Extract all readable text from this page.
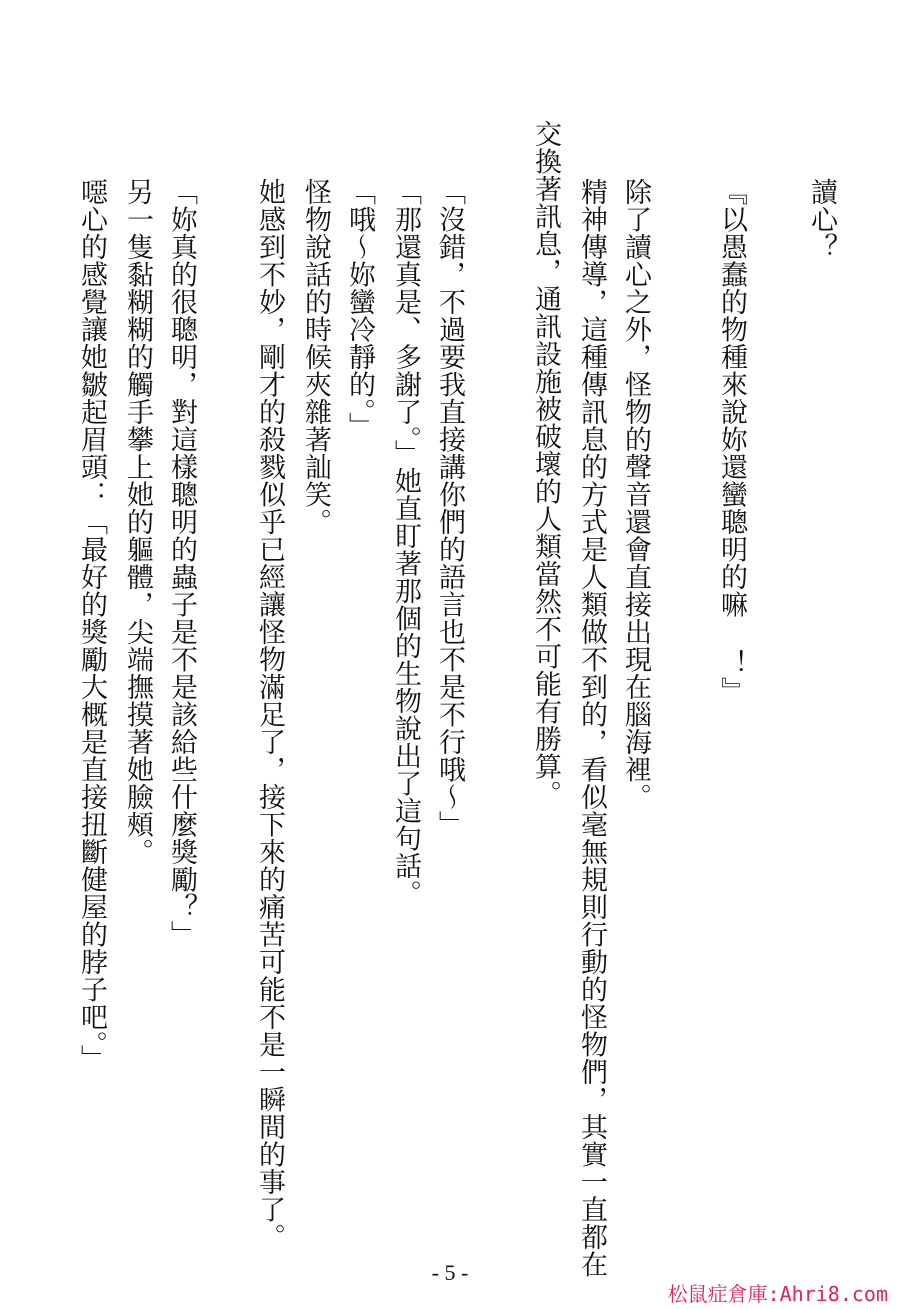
讀心？
『以愚蠢的物種來說妳還蠻聰明的嘛 ！』
除了讀心之外，怪物的聲音還會直接出現在腦海裡。
精神傳導，這種傳訊息的方式是人類做不到的，看似毫無規則行動的怪物們，其實一直都在
交換著訊息，通訊設施被破壞的人類當然不可能有勝算。
「沒錯，不過要我直接講你們的語言也不是不行哦～」
「那還真是、多謝了。」她直盯著那個的生物說出了這句話。
「哦～妳蠻冷靜的。」
怪物說話的時候夾雜著訕笑。
她感到不妙，剛才的殺戮似乎已經讓怪物滿足了，接下來的痛苦可能不是一瞬間的事了。
「妳真的很聰明，對這樣聰明的蟲子是不是該給些什麼獎勵？」
另一隻黏糊糊的觸手攀上她的軀體，尖端撫摸著她臉頰。
噁心的感覺讓她皺起眉頭：「最好的獎勵大概是直接扭斷健屋的脖子吧。」
- 5 -
松鼠症倉庫:Ahri8.com
